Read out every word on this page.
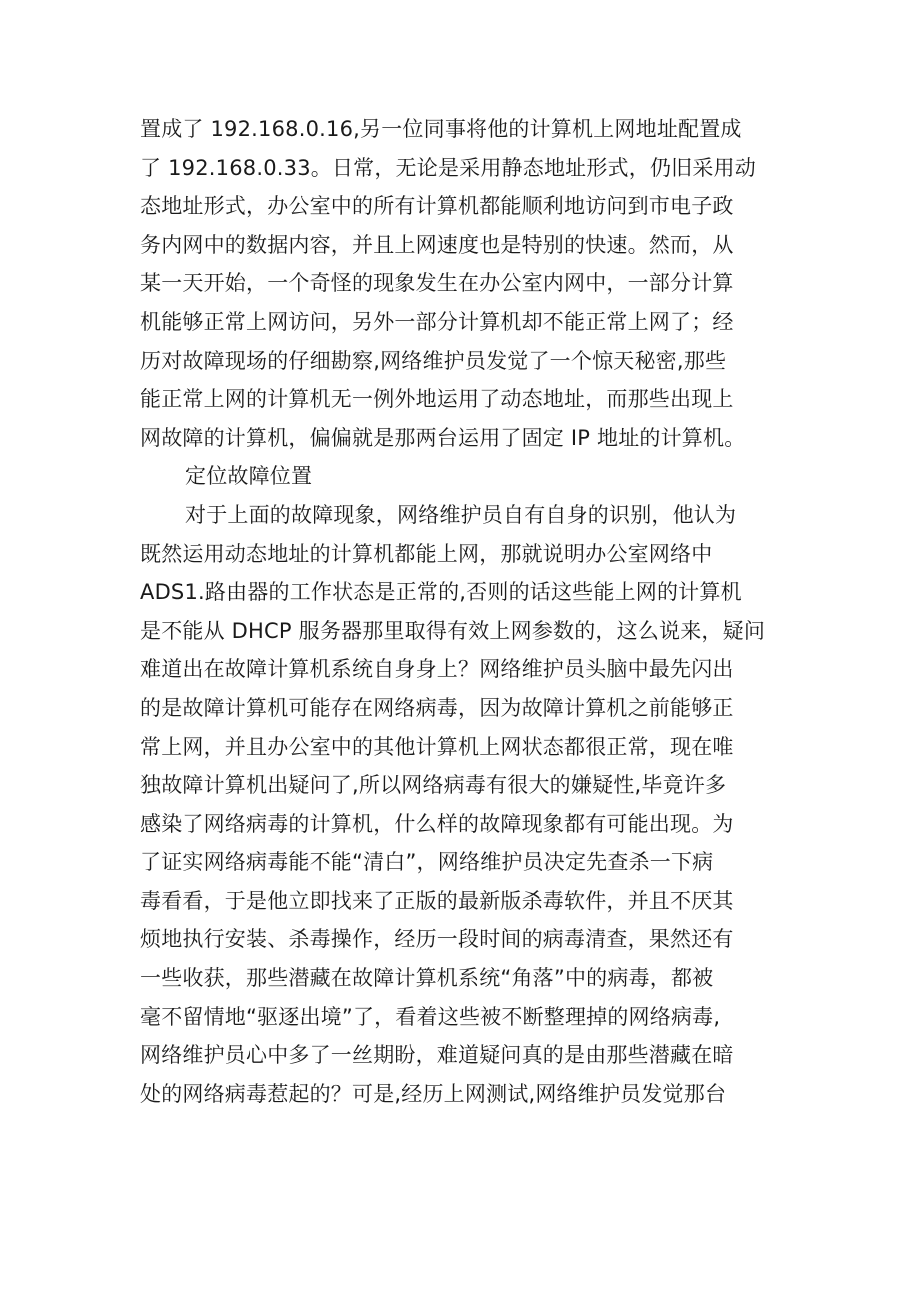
置成了 192.168.0.16,另一位同事将他的计算机上网地址配置成
了 192.168.0.33。日常，无论是采用静态地址形式，仍旧采用动
态地址形式，办公室中的所有计算机都能顺利地访问到市电子政
务内网中的数据内容，并且上网速度也是特别的快速。然而，从
某一天开始，一个奇怪的现象发生在办公室内网中，一部分计算
机能够正常上网访问，另外一部分计算机却不能正常上网了；经
历对故障现场的仔细勘察,网络维护员发觉了一个惊天秘密,那些
能正常上网的计算机无一例外地运用了动态地址，而那些出现上
网故障的计算机，偏偏就是那两台运用了固定 IP 地址的计算机。
定位故障位置
对于上面的故障现象，网络维护员自有自身的识别，他认为
既然运用动态地址的计算机都能上网，那就说明办公室网络中
ADS1.路由器的工作状态是正常的,否则的话这些能上网的计算机
是不能从 DHCP 服务器那里取得有效上网参数的，这么说来，疑问
难道出在故障计算机系统自身身上？网络维护员头脑中最先闪出
的是故障计算机可能存在网络病毒，因为故障计算机之前能够正
常上网，并且办公室中的其他计算机上网状态都很正常，现在唯
独故障计算机出疑问了,所以网络病毒有很大的嫌疑性,毕竟许多
感染了网络病毒的计算机，什么样的故障现象都有可能出现。为
了证实网络病毒能不能“清白”，网络维护员决定先查杀一下病
毒看看，于是他立即找来了正版的最新版杀毒软件，并且不厌其
烦地执行安装、杀毒操作，经历一段时间的病毒清查，果然还有
一些收获，那些潜藏在故障计算机系统“角落”中的病毒，都被
毫不留情地“驱逐出境”了，看着这些被不断整理掉的网络病毒,
网络维护员心中多了一丝期盼，难道疑问真的是由那些潜藏在暗
处的网络病毒惹起的？可是,经历上网测试,网络维护员发觉那台
